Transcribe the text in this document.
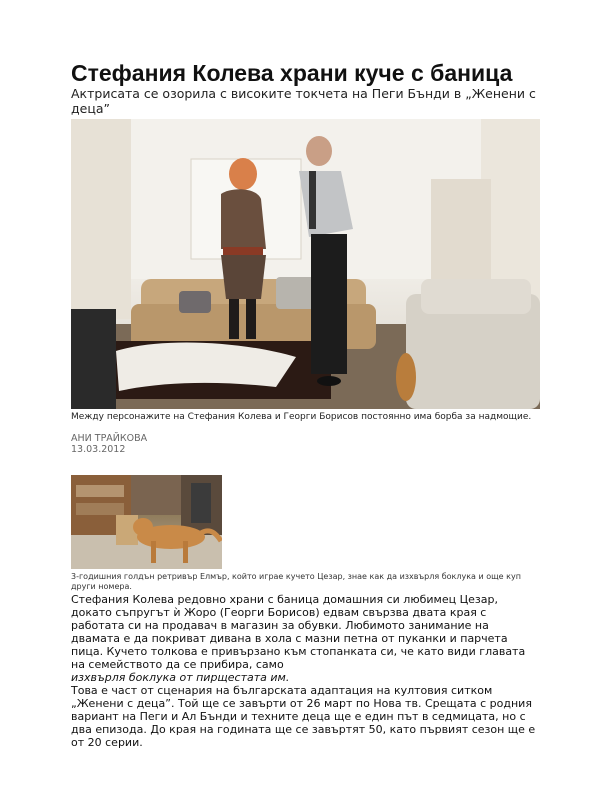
Стефания Колева храни куче с баница

Актрисата се озорила с високите токчета на Пеги Бънди в „Женени с деца”

Между персонажите на Стефания Колева и Георги Борисов постоянно има борба за надмощие.
АНИ ТРАЙКОВА
13.03.2012
3-годишния голдън ретривър Елмър, който играе кучето Цезар, знае как да изхвърля боклука и още куп други номера.

Стефания Колева редовно храни с баница домашния си любимец Цезар, докато съпругът ѝ Жоро (Георги Борисов) едвам свързва двата края с работата си на продавач в магазин за обувки. Любимото занимание на двамата е да покриват дивана в хола с мазни петна от пуканки и парчета пица. Кучето толкова е привързано към стопанката си, че като види главата на семейството да се прибира, само

изхвърля боклука от пирщестата им.

Това е част от сценария на българската адаптация на култовия ситком „Женени с деца”. Той ще се завърти от 26 март по Нова тв. Срещата с родния вариант на Пеги и Ал Бънди и техните деца ще е един път в седмицата, но с два епизода. До края на годината ще се завъртят 50, като първият сезон ще е от 20 серии.
